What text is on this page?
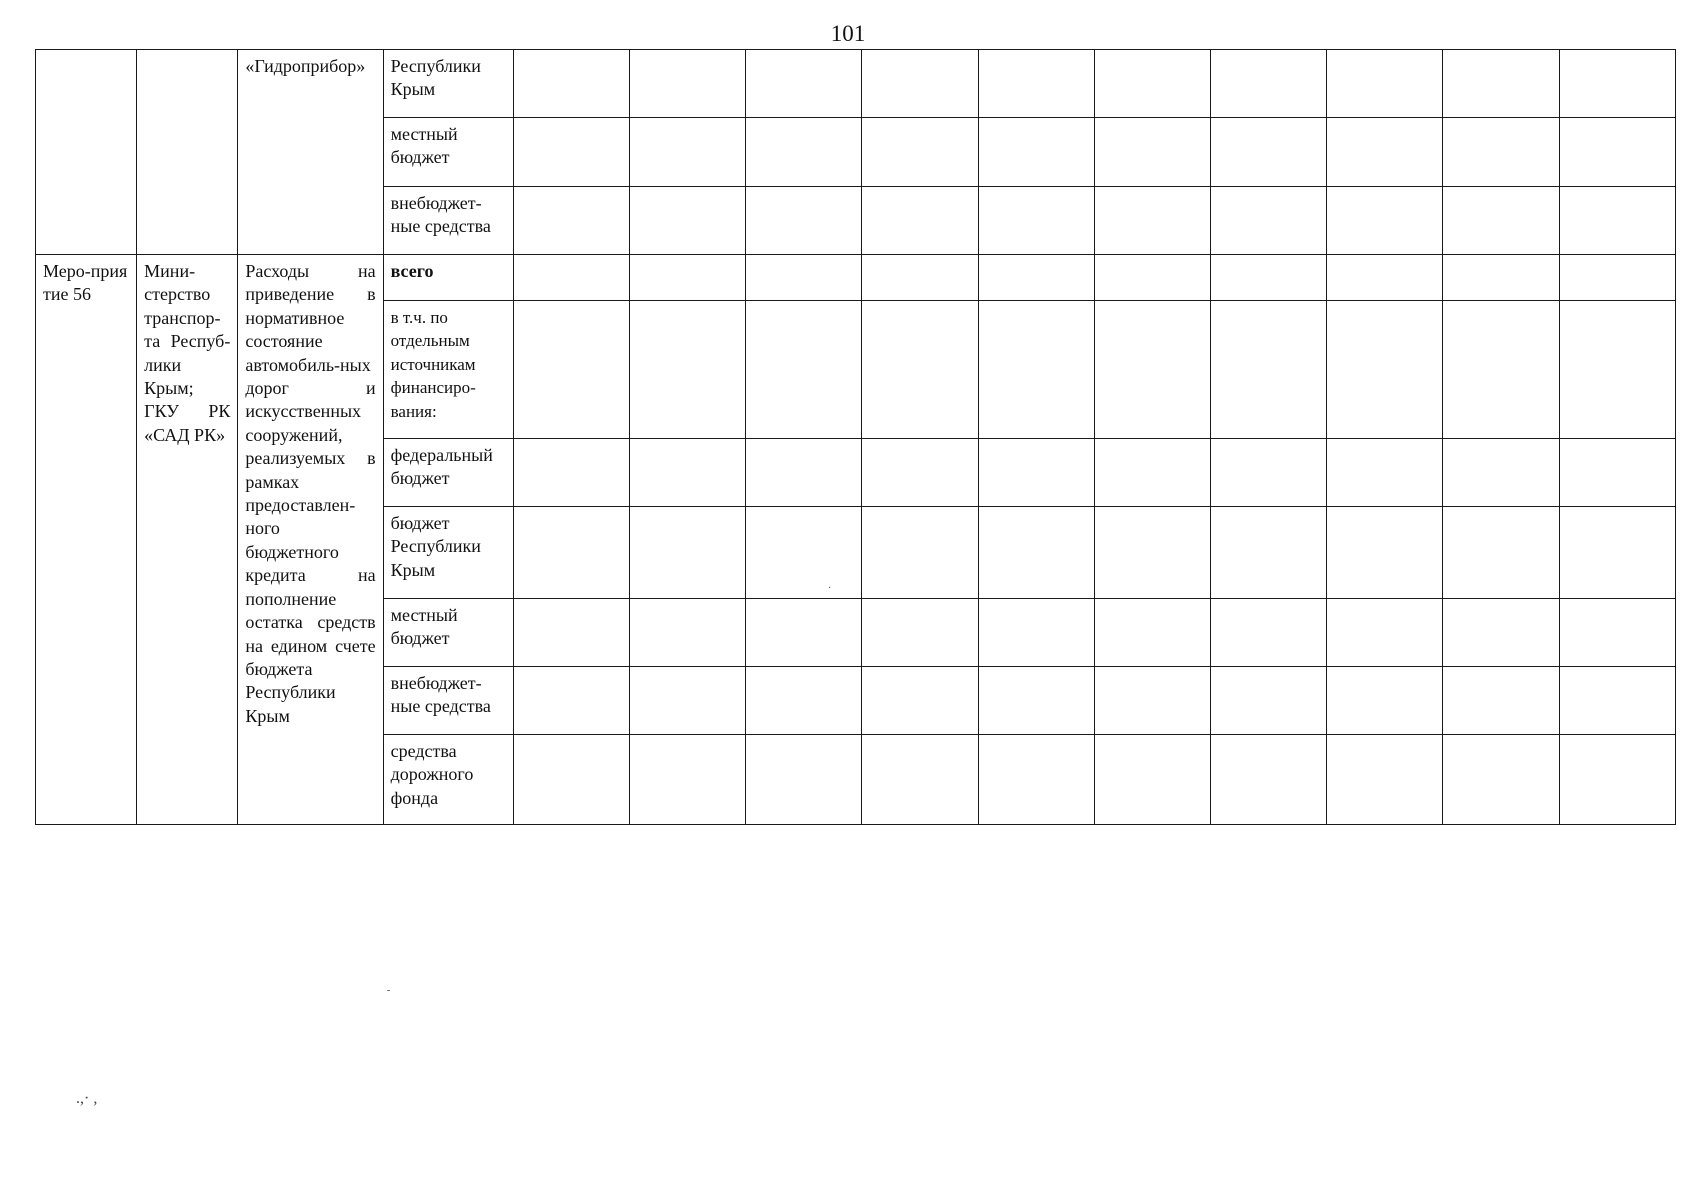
101
		«Гидроприбор»	Республики Крым										
			местный бюджет										
			внебюджет-ные средства										
Меро-приятие 56	Мини-стерство транспор-та Респуб-лики Крым; ГКУ РК «САД РК»	Расходы на приведение в нормативное состояние автомобиль-ных дорог и искусственных сооружений, реализуемых в рамках предоставлен-ного бюджетного кредита на пополнение остатка средств на едином счете бюджета Республики Крым	всего										
			в т.ч. по отдельным источникам финансиро-вания:										
			федеральный бюджет										
			бюджет Республики Крым										
			местный бюджет										
			внебюджет-ные средства										
			средства дорожного фонда										
·
-
.,· ,
